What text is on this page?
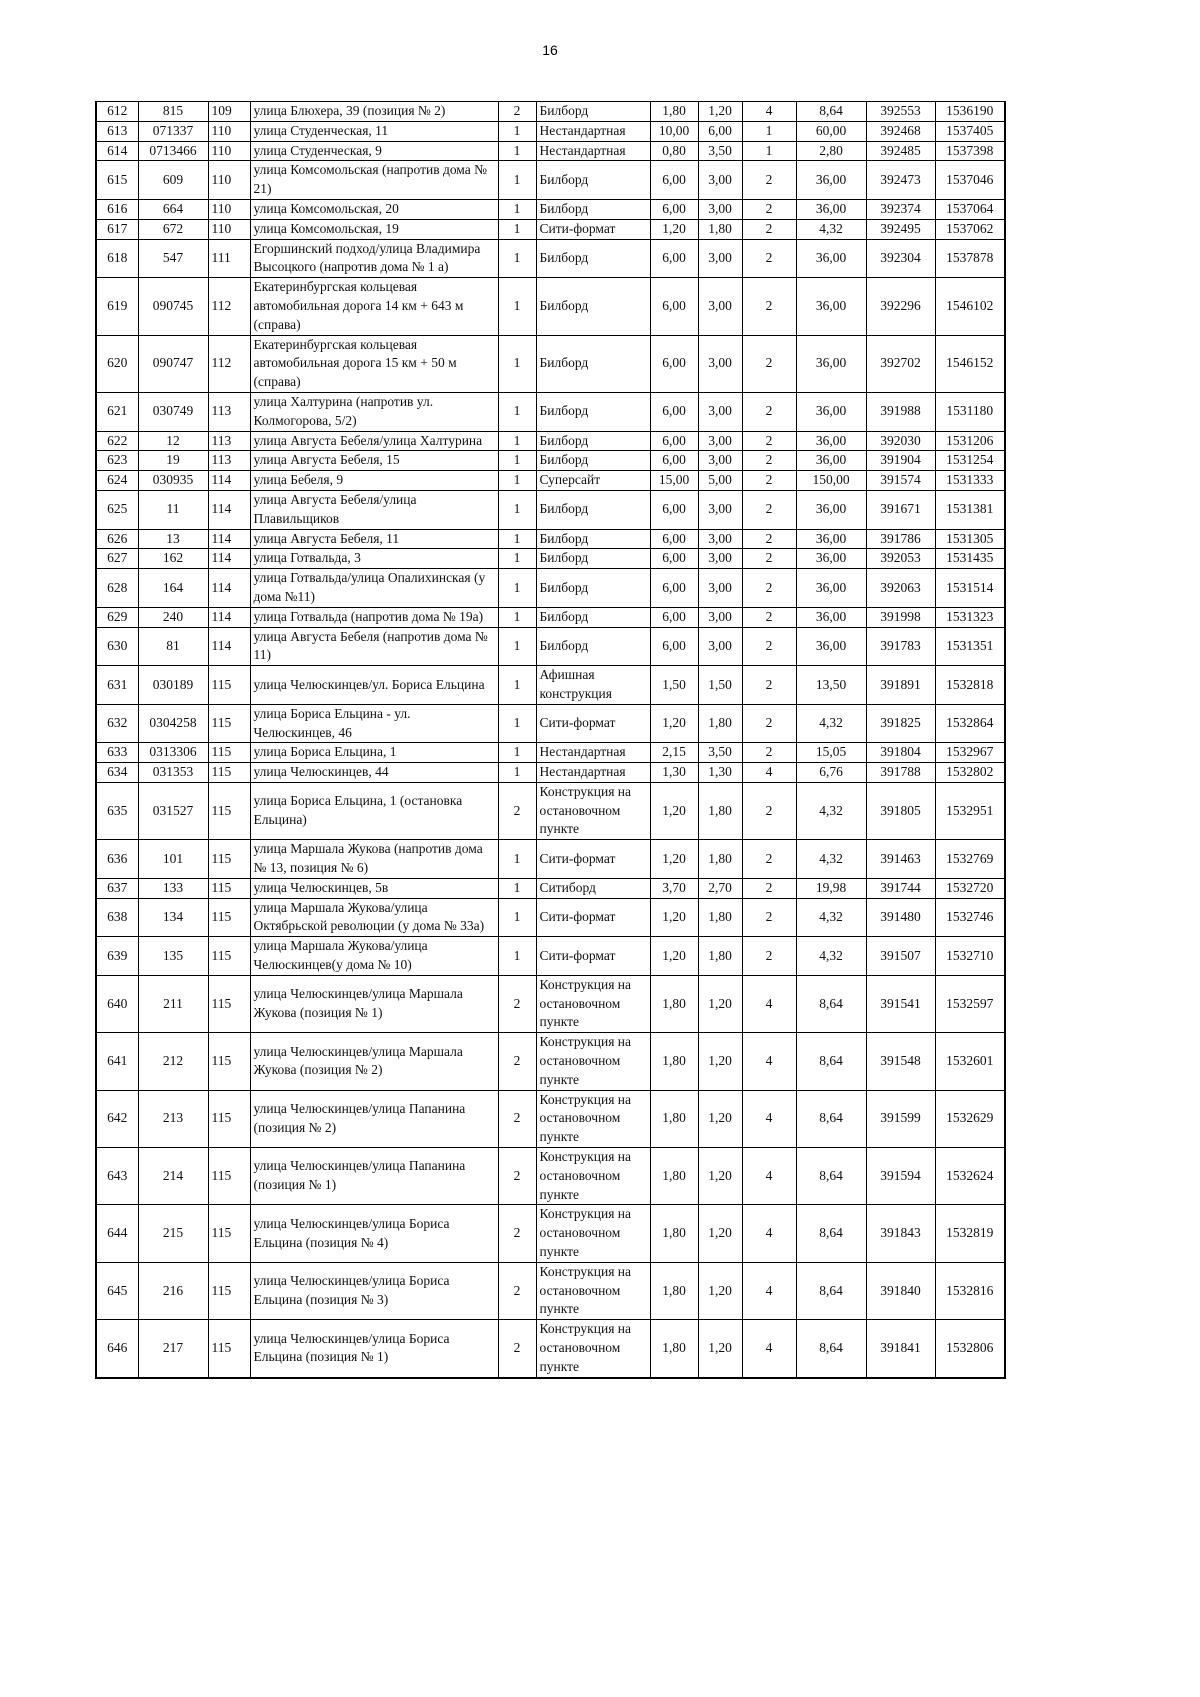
16
612	815	109	улица Блюхера, 39 (позиция № 2)	2	Билборд	1,80	1,20	4	8,64	392553	1536190
613	071337	110	улица Студенческая, 11	1	Нестандартная	10,00	6,00	1	60,00	392468	1537405
614	0713466	110	улица Студенческая, 9	1	Нестандартная	0,80	3,50	1	2,80	392485	1537398
615	609	110	улица Комсомольская (напротив дома № 21)	1	Билборд	6,00	3,00	2	36,00	392473	1537046
616	664	110	улица Комсомольская, 20	1	Билборд	6,00	3,00	2	36,00	392374	1537064
617	672	110	улица Комсомольская, 19	1	Сити-формат	1,20	1,80	2	4,32	392495	1537062
618	547	111	Егоршинский подход/улица Владимира Высоцкого (напротив дома № 1 а)	1	Билборд	6,00	3,00	2	36,00	392304	1537878
619	090745	112	Екатеринбургская кольцевая автомобильная дорога 14 км + 643 м (справа)	1	Билборд	6,00	3,00	2	36,00	392296	1546102
620	090747	112	Екатеринбургская кольцевая автомобильная дорога 15 км + 50 м (справа)	1	Билборд	6,00	3,00	2	36,00	392702	1546152
621	030749	113	улица Халтурина (напротив ул. Колмогорова, 5/2)	1	Билборд	6,00	3,00	2	36,00	391988	1531180
622	12	113	улица Августа Бебеля/улица Халтурина	1	Билборд	6,00	3,00	2	36,00	392030	1531206
623	19	113	улица Августа Бебеля, 15	1	Билборд	6,00	3,00	2	36,00	391904	1531254
624	030935	114	улица Бебеля, 9	1	Суперсайт	15,00	5,00	2	150,00	391574	1531333
625	11	114	улица Августа Бебеля/улица Плавильщиков	1	Билборд	6,00	3,00	2	36,00	391671	1531381
626	13	114	улица Августа Бебеля, 11	1	Билборд	6,00	3,00	2	36,00	391786	1531305
627	162	114	улица Готвальда, 3	1	Билборд	6,00	3,00	2	36,00	392053	1531435
628	164	114	улица Готвальда/улица Опалихинская (у дома №11)	1	Билборд	6,00	3,00	2	36,00	392063	1531514
629	240	114	улица Готвальда (напротив дома № 19а)	1	Билборд	6,00	3,00	2	36,00	391998	1531323
630	81	114	улица Августа Бебеля (напротив дома № 11)	1	Билборд	6,00	3,00	2	36,00	391783	1531351
631	030189	115	улица Челюскинцев/ул. Бориса Ельцина	1	Афишная конструкция	1,50	1,50	2	13,50	391891	1532818
632	0304258	115	улица Бориса Ельцина - ул. Челюскинцев, 46	1	Сити-формат	1,20	1,80	2	4,32	391825	1532864
633	0313306	115	улица Бориса Ельцина, 1	1	Нестандартная	2,15	3,50	2	15,05	391804	1532967
634	031353	115	улица Челюскинцев, 44	1	Нестандартная	1,30	1,30	4	6,76	391788	1532802
635	031527	115	улица Бориса Ельцина, 1 (остановка Ельцина)	2	Конструкция на остановочном пункте	1,20	1,80	2	4,32	391805	1532951
636	101	115	улица Маршала Жукова (напротив дома № 13, позиция № 6)	1	Сити-формат	1,20	1,80	2	4,32	391463	1532769
637	133	115	улица Челюскинцев, 5в	1	Ситиборд	3,70	2,70	2	19,98	391744	1532720
638	134	115	улица Маршала Жукова/улица Октябрьской революции (у дома № 33а)	1	Сити-формат	1,20	1,80	2	4,32	391480	1532746
639	135	115	улица Маршала Жукова/улица Челюскинцев(у дома № 10)	1	Сити-формат	1,20	1,80	2	4,32	391507	1532710
640	211	115	улица Челюскинцев/улица Маршала Жукова (позиция № 1)	2	Конструкция на остановочном пункте	1,80	1,20	4	8,64	391541	1532597
641	212	115	улица Челюскинцев/улица Маршала Жукова (позиция № 2)	2	Конструкция на остановочном пункте	1,80	1,20	4	8,64	391548	1532601
642	213	115	улица Челюскинцев/улица Папанина (позиция № 2)	2	Конструкция на остановочном пункте	1,80	1,20	4	8,64	391599	1532629
643	214	115	улица Челюскинцев/улица Папанина (позиция № 1)	2	Конструкция на остановочном пункте	1,80	1,20	4	8,64	391594	1532624
644	215	115	улица Челюскинцев/улица Бориса Ельцина (позиция № 4)	2	Конструкция на остановочном пункте	1,80	1,20	4	8,64	391843	1532819
645	216	115	улица Челюскинцев/улица Бориса Ельцина (позиция № 3)	2	Конструкция на остановочном пункте	1,80	1,20	4	8,64	391840	1532816
646	217	115	улица Челюскинцев/улица Бориса Ельцина (позиция № 1)	2	Конструкция на остановочном пункте	1,80	1,20	4	8,64	391841	1532806
